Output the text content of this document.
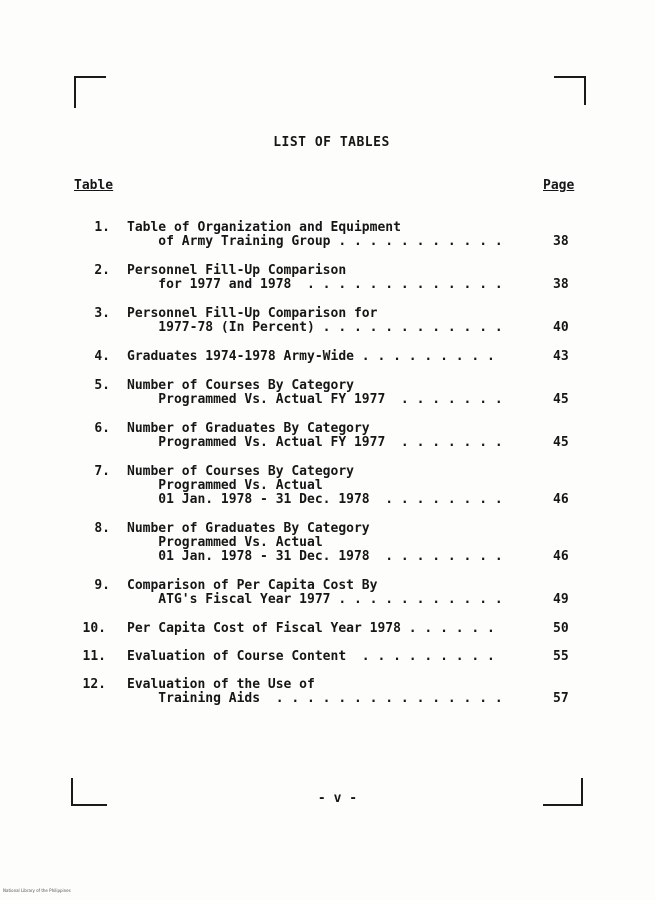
LIST OF TABLES
Table	Page
1. Table of Organization and Equipment
of Army Training Group . . . . . . . . . . .	38
2. Personnel Fill-Up Comparison
for 1977 and 1978  . . . . . . . . . . . . .	38
3. Personnel Fill-Up Comparison for
1977-78 (In Percent) . . . . . . . . . . . .	40
4. Graduates 1974-1978 Army-Wide . . . . . . . . .	43
5. Number of Courses By Category
Programmed Vs. Actual FY 1977  . . . . . . .	45
6. Number of Graduates By Category
Programmed Vs. Actual FY 1977  . . . . . . .	45
7. Number of Courses By Category
Programmed Vs. Actual
01 Jan. 1978 - 31 Dec. 1978  . . . . . . . .	46
8. Number of Graduates By Category
Programmed Vs. Actual
01 Jan. 1978 - 31 Dec. 1978  . . . . . . . .	46
9. Comparison of Per Capita Cost By
ATG's Fiscal Year 1977 . . . . . . . . . . .	49
10. Per Capita Cost of Fiscal Year 1978 . . . . . .	50
11. Evaluation of Course Content  . . . . . . . . .	55
12. Evaluation of the Use of
Training Aids  . . . . . . . . . . . . . . .	57
- v -
National Library of the Philippines
